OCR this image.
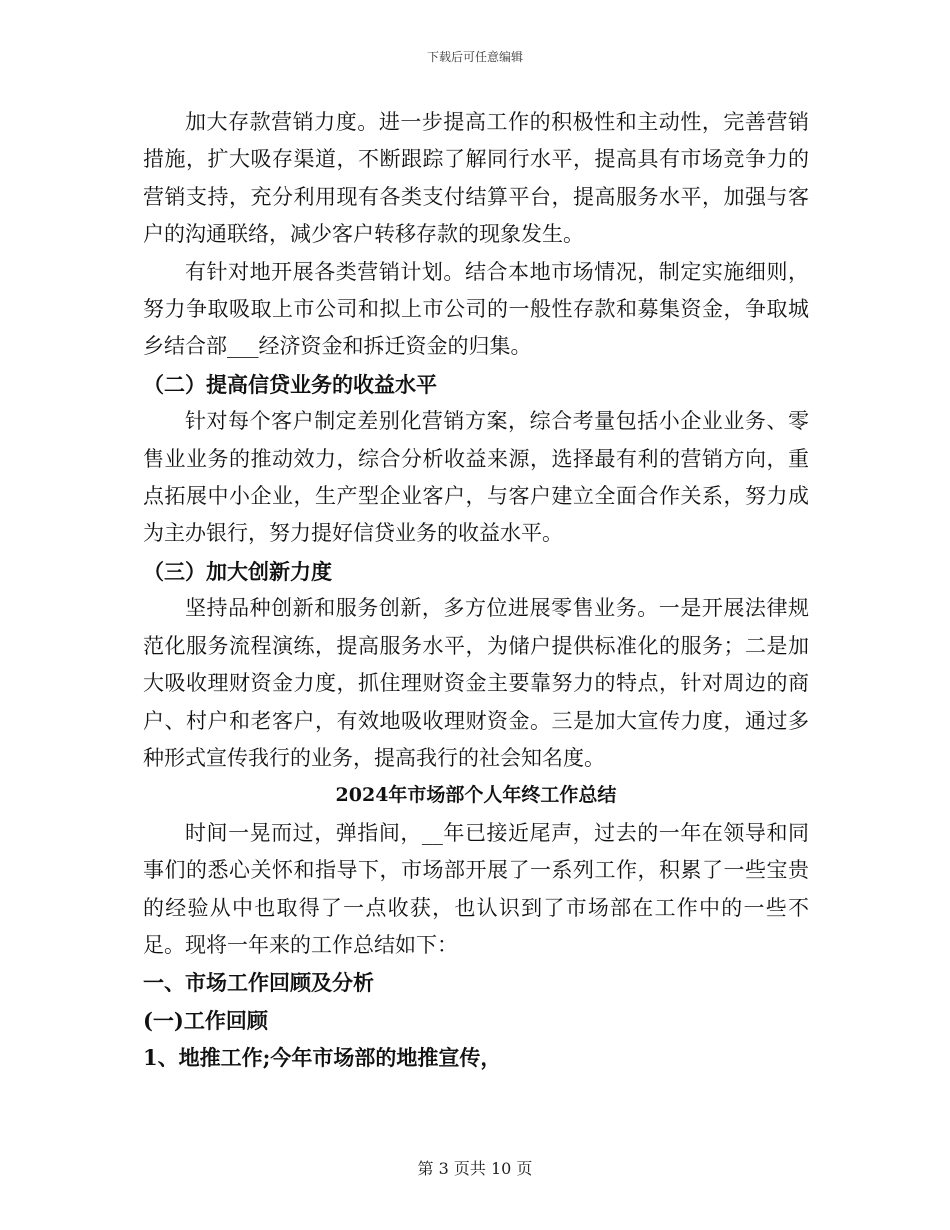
下载后可任意编辑

加大存款营销力度。进一步提高工作的积极性和主动性，完善营销措施，扩大吸存渠道，不断跟踪了解同行水平，提高具有市场竞争力的营销支持，充分利用现有各类支付结算平台，提高服务水平，加强与客户的沟通联络，减少客户转移存款的现象发生。

有针对地开展各类营销计划。结合本地市场情况，制定实施细则，努力争取吸取上市公司和拟上市公司的一般性存款和募集资金，争取城乡结合部___经济资金和拆迁资金的归集。

（二）提高信贷业务的收益水平

针对每个客户制定差别化营销方案，综合考量包括小企业业务、零售业业务的推动效力，综合分析收益来源，选择最有利的营销方向，重点拓展中小企业，生产型企业客户，与客户建立全面合作关系，努力成为主办银行，努力提好信贷业务的收益水平。

（三）加大创新力度

坚持品种创新和服务创新，多方位进展零售业务。一是开展法律规范化服务流程演练，提高服务水平，为储户提供标准化的服务；二是加大吸收理财资金力度，抓住理财资金主要靠努力的特点，针对周边的商户、村户和老客户，有效地吸收理财资金。三是加大宣传力度，通过多种形式宣传我行的业务，提高我行的社会知名度。

2024年市场部个人年终工作总结

时间一晃而过，弹指间，__年已接近尾声，过去的一年在领导和同事们的悉心关怀和指导下，市场部开展了一系列工作，积累了一些宝贵的经验从中也取得了一点收获，也认识到了市场部在工作中的一些不足。现将一年来的工作总结如下：

一、市场工作回顾及分析

(一)工作回顾

1、地推工作;今年市场部的地推宣传，

第 3 页共 10 页
